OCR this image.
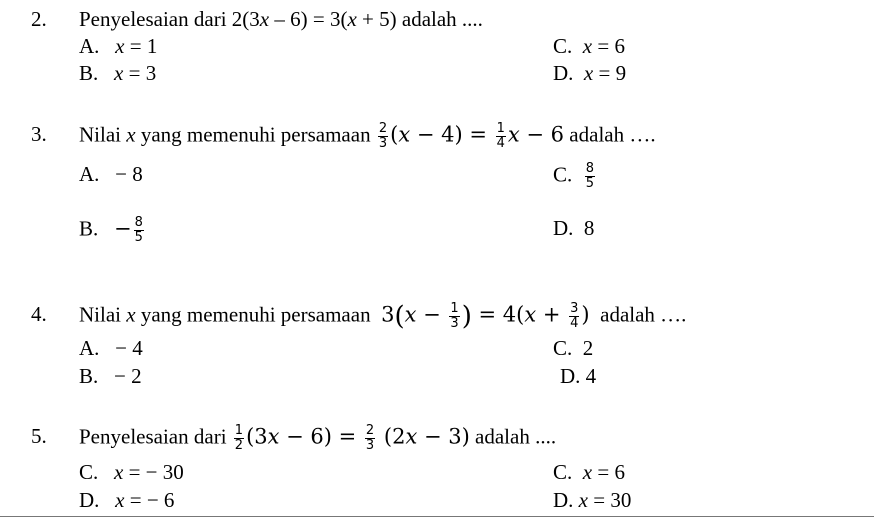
2. Penyelesaian dari 2(3x – 6) = 3(x + 5) adalah ....
A. x = 1
B. x = 3
C. x = 6
D. x = 9
3. Nilai x yang memenuhi persamaan $\frac{2}{3} (x - 4) = \frac{1}{4}$ x − 6 adalah ….
A. − 8
B. − $\frac{8}{5}$
C. $\frac{8}{5}$
D. 8
4. Nilai x yang memenuhi persamaan $3(x - \frac{1}{3}$ ) = $4(x + \frac{3}{4}$ ) adalah ….
A. − 4
B. − 2
C. 2
D. 4
5. Penyelesaian dari $\frac{1}{2} (3x - 6) = \frac{2}{3} (2x - 3)$ adalah ....
C. x = − 30
D. x = − 6
C. x = 6
D. x = 30
